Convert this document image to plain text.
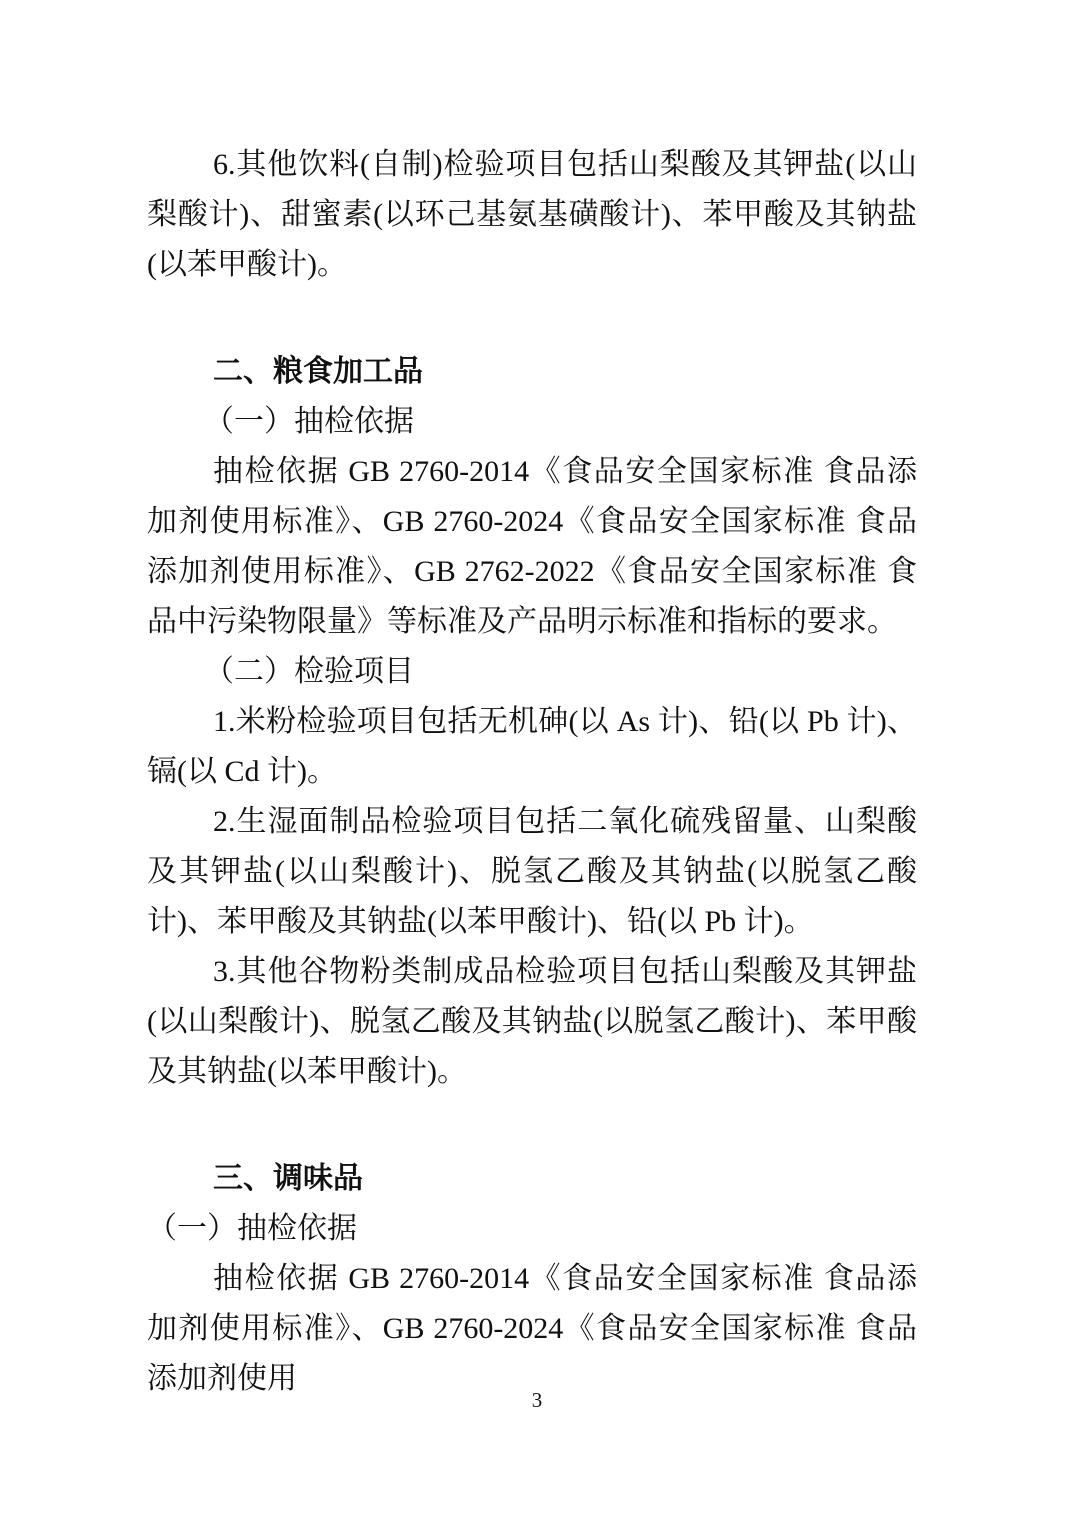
6.其他饮料(自制)检验项目包括山梨酸及其钾盐(以山梨酸计)、甜蜜素(以环己基氨基磺酸计)、苯甲酸及其钠盐(以苯甲酸计)。

二、粮食加工品

（一）抽检依据

抽检依据 GB 2760-2014《食品安全国家标准 食品添加剂使用标准》、GB 2760-2024《食品安全国家标准 食品添加剂使用标准》、GB 2762-2022《食品安全国家标准 食品中污染物限量》等标准及产品明示标准和指标的要求。

（二）检验项目

1.米粉检验项目包括无机砷(以 As 计)、铅(以 Pb 计)、镉(以 Cd 计)。

2.生湿面制品检验项目包括二氧化硫残留量、山梨酸及其钾盐(以山梨酸计)、脱氢乙酸及其钠盐(以脱氢乙酸计)、苯甲酸及其钠盐(以苯甲酸计)、铅(以 Pb 计)。

3.其他谷物粉类制成品检验项目包括山梨酸及其钾盐(以山梨酸计)、脱氢乙酸及其钠盐(以脱氢乙酸计)、苯甲酸及其钠盐(以苯甲酸计)。

三、调味品

（一）抽检依据

抽检依据 GB 2760-2014《食品安全国家标准 食品添加剂使用标准》、GB 2760-2024《食品安全国家标准 食品添加剂使用

3
